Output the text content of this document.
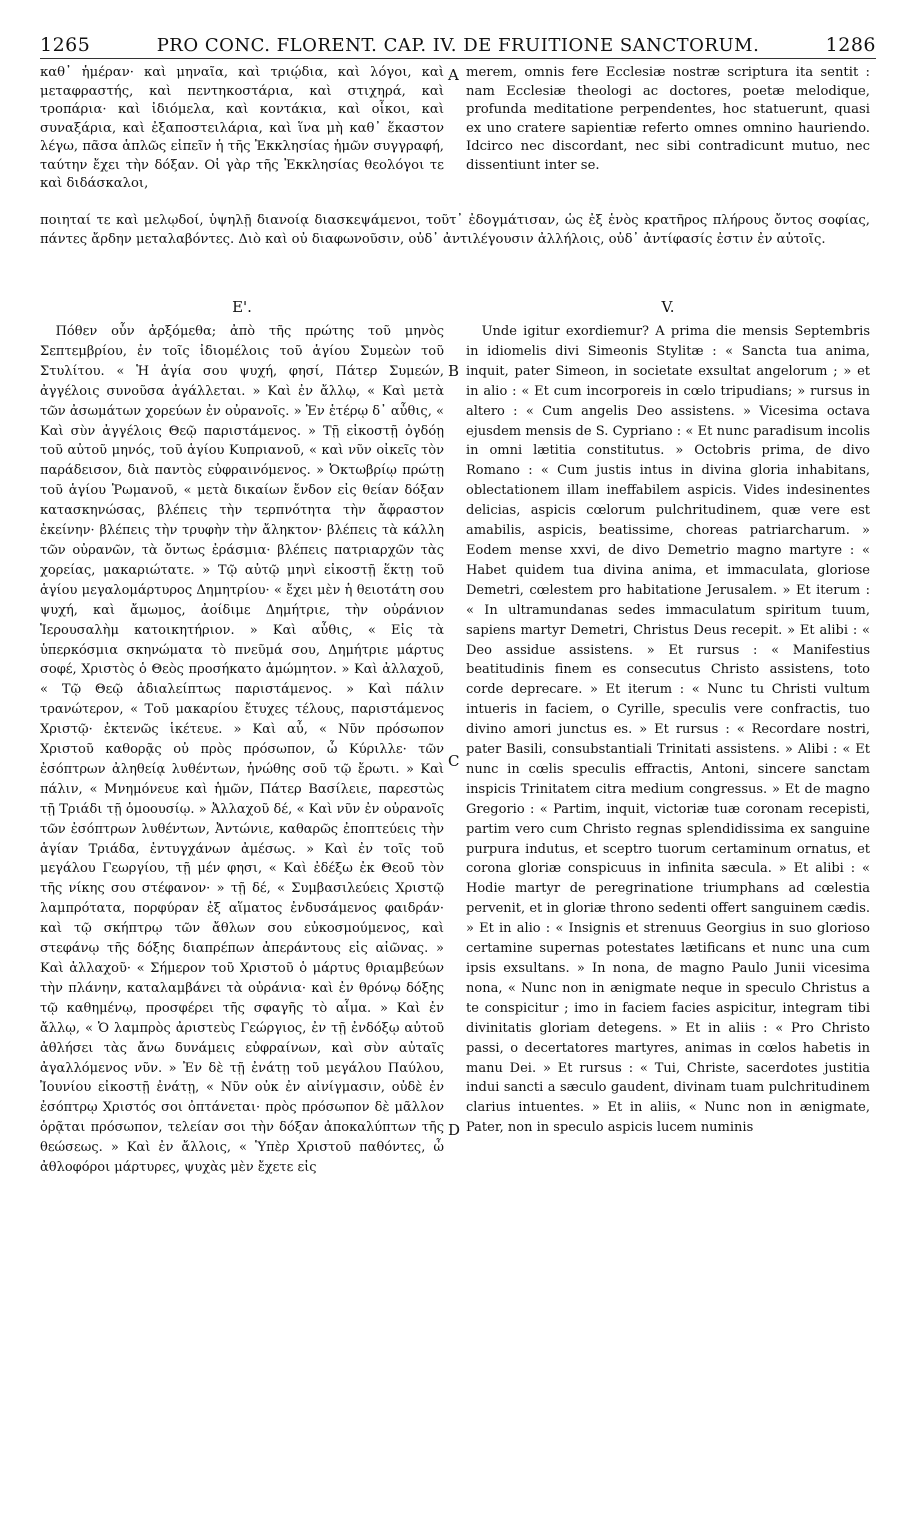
1265	PRO CONC. FLORENT. CAP. IV. DE FRUITIONE SANCTORUM.	1286
A
B
C
D

καθ᾽ ἡμέραν· καὶ μηναῖα, καὶ τριῴδια, καὶ λόγοι, καὶ μεταφραστής, καὶ πεντηκοστάρια, καὶ στιχηρά, καὶ τροπάρια· καὶ ἰδιόμελα, καὶ κοντάκια, καὶ οἶκοι, καὶ συναξάρια, καὶ ἐξαποστειλάρια, καὶ ἵνα μὴ καθ᾽ ἕκαστον λέγω, πᾶσα ἁπλῶς εἰπεῖν ἡ τῆς Ἐκκλησίας ἡμῶν συγγραφή, ταύτην ἔχει τὴν δόξαν. Οἱ γὰρ τῆς Ἐκκλησίας θεολόγοι τε καὶ διδάσκαλοι,

merem, omnis fere Ecclesiæ nostræ scriptura ita sentit : nam Ecclesiæ theologi ac doctores, poetæ melodique, profunda meditatione perpendentes, hoc statuerunt, quasi ex uno cratere sapientiæ referto omnes omnino hauriendo. Idcirco nec discordant, nec sibi contradicunt mutuo, nec dissentiunt inter se.

ποιηταί τε καὶ μελῳδοί, ὑψηλῇ διανοίᾳ διασκεψάμενοι, τοῦτ᾽ ἐδογμάτισαν, ὡς ἐξ ἑνὸς κρατῆρος πλήρους ὄντος σοφίας, πάντες ἄρδην μεταλαβόντες. Διὸ καὶ οὐ διαφωνοῦσιν, οὐδ᾽ ἀντιλέγουσιν ἀλλήλοις, οὐδ᾽ ἀντίφασίς ἐστιν ἐν αὐτοῖς.

Ε'.	V.

Πόθεν οὖν ἀρξόμεθα; ἀπὸ τῆς πρώτης τοῦ μηνὸς Σεπτεμβρίου, ἐν τοῖς ἰδιομέλοις τοῦ ἁγίου Συμεὼν τοῦ Στυλίτου. « Ἡ ἁγία σου ψυχή, φησί, Πάτερ Συμεών, ἀγγέλοις συνοῦσα ἀγάλλεται. » Καὶ ἐν ἄλλῳ, « Καὶ μετὰ τῶν ἀσωμάτων χορεύων ἐν οὐρανοῖς. » Ἐν ἑτέρῳ δ᾽ αὖθις, « Καὶ σὺν ἀγγέλοις Θεῷ παριστάμενος. » Τῇ εἰκοστῇ ὀγδόῃ τοῦ αὐτοῦ μηνός, τοῦ ἁγίου Κυπριανοῦ, « καὶ νῦν οἰκεῖς τὸν παράδεισον, διὰ παντὸς εὐφραινόμενος. » Ὀκτωβρίῳ πρώτῃ τοῦ ἁγίου Ῥωμανοῦ, « μετὰ δικαίων ἔνδον εἰς θείαν δόξαν κατασκηνώσας, βλέπεις τὴν τερπνότητα τὴν ἄφραστον ἐκείνην· βλέπεις τὴν τρυφὴν τὴν ἄληκτον· βλέπεις τὰ κάλλη τῶν οὐρανῶν, τὰ ὄντως ἐράσμια· βλέπεις πατριαρχῶν τὰς χορείας, μακαριώτατε. » Τῷ αὐτῷ μηνὶ εἰκοστῇ ἕκτῃ τοῦ ἁγίου μεγαλομάρτυρος Δημητρίου· « ἔχει μὲν ἡ θειοτάτη σου ψυχή, καὶ ἄμωμος, ἀοίδιμε Δημήτριε, τὴν οὐράνιον Ἱερουσαλὴμ κατοικητήριον. » Καὶ αὖθις, « Εἰς τὰ ὑπερκόσμια σκηνώματα τὸ πνεῦμά σου, Δημήτριε μάρτυς σοφέ, Χριστὸς ὁ Θεὸς προσήκατο ἀμώμητον. » Καὶ ἀλλαχοῦ, « Τῷ Θεῷ ἀδιαλείπτως παριστάμενος. » Καὶ πάλιν τρανώτερον, « Τοῦ μακαρίου ἔτυχες τέλους, παριστάμενος Χριστῷ· ἐκτενῶς ἱκέτευε. » Καὶ αὖ, « Νῦν πρόσωπον Χριστοῦ καθορᾷς οὐ πρὸς πρόσωπον, ὦ Κύριλλε· τῶν ἐσόπτρων ἀληθείᾳ λυθέντων, ἡνώθης σοῦ τῷ ἔρωτι. » Καὶ πάλιν, « Μνημόνευε καὶ ἡμῶν, Πάτερ Βασίλειε, παρεστὼς τῇ Τριάδι τῇ ὁμοουσίῳ. » Ἀλλαχοῦ δέ, « Καὶ νῦν ἐν οὐρανοῖς τῶν ἐσόπτρων λυθέντων, Ἀντώνιε, καθαρῶς ἐποπτεύεις τὴν ἁγίαν Τριάδα, ἐντυγχάνων ἀμέσως. » Καὶ ἐν τοῖς τοῦ μεγάλου Γεωργίου, τῇ μέν φησι, « Καὶ ἐδέξω ἐκ Θεοῦ τὸν τῆς νίκης σου στέφανον· » τῇ δέ, « Συμβασιλεύεις Χριστῷ λαμπρότατα, πορφύραν ἐξ αἵματος ἐνδυσάμενος φαιδράν· καὶ τῷ σκήπτρῳ τῶν ἄθλων σου εὐκοσμούμενος, καὶ στεφάνῳ τῆς δόξης διαπρέπων ἀπεράντους εἰς αἰῶνας. » Καὶ ἀλλαχοῦ· « Σήμερον τοῦ Χριστοῦ ὁ μάρτυς θριαμβεύων τὴν πλάνην, καταλαμβάνει τὰ οὐράνια· καὶ ἐν θρόνῳ δόξης τῷ καθημένῳ, προσφέρει τῆς σφαγῆς τὸ αἷμα. » Καὶ ἐν ἄλλῳ, « Ὁ λαμπρὸς ἀριστεὺς Γεώργιος, ἐν τῇ ἐνδόξῳ αὐτοῦ ἀθλήσει τὰς ἄνω δυνάμεις εὐφραίνων, καὶ σὺν αὐταῖς ἀγαλλόμενος νῦν. » Ἐν δὲ τῇ ἐνάτῃ τοῦ μεγάλου Παύλου, Ἰουνίου εἰκοστῇ ἐνάτῃ, « Νῦν οὐκ ἐν αἰνίγμασιν, οὐδὲ ἐν ἐσόπτρῳ Χριστός σοι ὀπτάνεται· πρὸς πρόσωπον δὲ μᾶλλον ὁρᾷται πρόσωπον, τελείαν σοι τὴν δόξαν ἀποκαλύπτων τῆς θεώσεως. » Καὶ ἐν ἄλλοις, « Ὑπὲρ Χριστοῦ παθόντες, ὦ ἀθλοφόροι μάρτυρες, ψυχὰς μὲν ἔχετε εἰς

Unde igitur exordiemur? A prima die mensis Septembris in idiomelis divi Simeonis Stylitæ : « Sancta tua anima, inquit, pater Simeon, in societate exsultat angelorum ; » et in alio : « Et cum incorporeis in cœlo tripudians; » rursus in altero : « Cum angelis Deo assistens. » Vicesima octava ejusdem mensis de S. Cypriano : « Et nunc paradisum incolis in omni lætitia constitutus. » Octobris prima, de divo Romano : « Cum justis intus in divina gloria inhabitans, oblectationem illam ineffabilem aspicis. Vides indesinentes delicias, aspicis cœlorum pulchritudinem, quæ vere est amabilis, aspicis, beatissime, choreas patriarcharum. » Eodem mense xxvi, de divo Demetrio magno martyre : « Habet quidem tua divina anima, et immaculata, gloriose Demetri, cœlestem pro habitatione Jerusalem. » Et iterum : « In ultramundanas sedes immaculatum spiritum tuum, sapiens martyr Demetri, Christus Deus recepit. » Et alibi : « Deo assidue assistens. » Et rursus : « Manifestius beatitudinis finem es consecutus Christo assistens, toto corde deprecare. » Et iterum : « Nunc tu Christi vultum intueris in faciem, o Cyrille, speculis vere confractis, tuo divino amori junctus es. » Et rursus : « Recordare nostri, pater Basili, consubstantiali Trinitati assistens. » Alibi : « Et nunc in cœlis speculis effractis, Antoni, sincere sanctam inspicis Trinitatem citra medium congressus. » Et de magno Gregorio : « Partim, inquit, victoriæ tuæ coronam recepisti, partim vero cum Christo regnas splendidissima ex sanguine purpura indutus, et sceptro tuorum certaminum ornatus, et corona gloriæ conspicuus in infinita sæcula. » Et alibi : « Hodie martyr de peregrinatione triumphans ad cœlestia pervenit, et in gloriæ throno sedenti offert sanguinem cædis. » Et in alio : « Insignis et strenuus Georgius in suo glorioso certamine supernas potestates lætificans et nunc una cum ipsis exsultans. » In nona, de magno Paulo Junii vicesima nona, « Nunc non in ænigmate neque in speculo Christus a te conspicitur ; imo in faciem facies aspicitur, integram tibi divinitatis gloriam detegens. » Et in aliis : « Pro Christo passi, o decertatores martyres, animas in cœlos habetis in manu Dei. » Et rursus : « Tui, Christe, sacerdotes justitia indui sancti a sæculo gaudent, divinam tuam pulchritudinem clarius intuentes. » Et in aliis, « Nunc non in ænigmate, Pater, non in speculo aspicis lucem numinis
